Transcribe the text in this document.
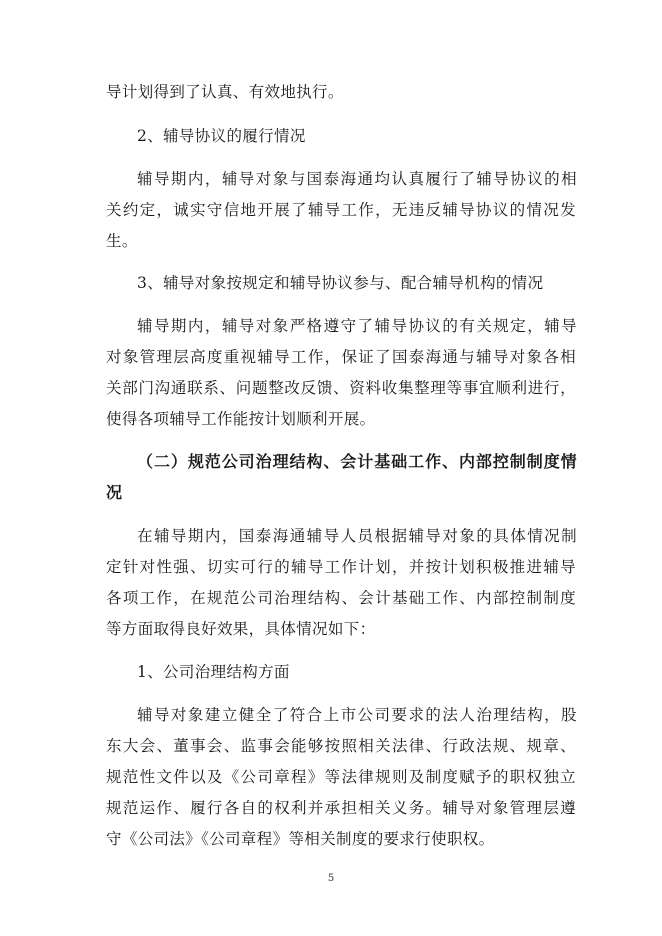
导计划得到了认真、有效地执行。
2、辅导协议的履行情况
辅导期内，辅导对象与国泰海通均认真履行了辅导协议的相
关约定，诚实守信地开展了辅导工作，无违反辅导协议的情况发
生。
3、辅导对象按规定和辅导协议参与、配合辅导机构的情况
辅导期内，辅导对象严格遵守了辅导协议的有关规定，辅导
对象管理层高度重视辅导工作，保证了国泰海通与辅导对象各相
关部门沟通联系、问题整改反馈、资料收集整理等事宜顺利进行，
使得各项辅导工作能按计划顺利开展。
（二）规范公司治理结构、会计基础工作、内部控制制度情
况
在辅导期内，国泰海通辅导人员根据辅导对象的具体情况制
定针对性强、切实可行的辅导工作计划，并按计划积极推进辅导
各项工作，在规范公司治理结构、会计基础工作、内部控制制度
等方面取得良好效果，具体情况如下：
1、公司治理结构方面
辅导对象建立健全了符合上市公司要求的法人治理结构，股
东大会、董事会、监事会能够按照相关法律、行政法规、规章、
规范性文件以及《公司章程》等法律规则及制度赋予的职权独立
规范运作、履行各自的权利并承担相关义务。辅导对象管理层遵
守《公司法》《公司章程》等相关制度的要求行使职权。
5
